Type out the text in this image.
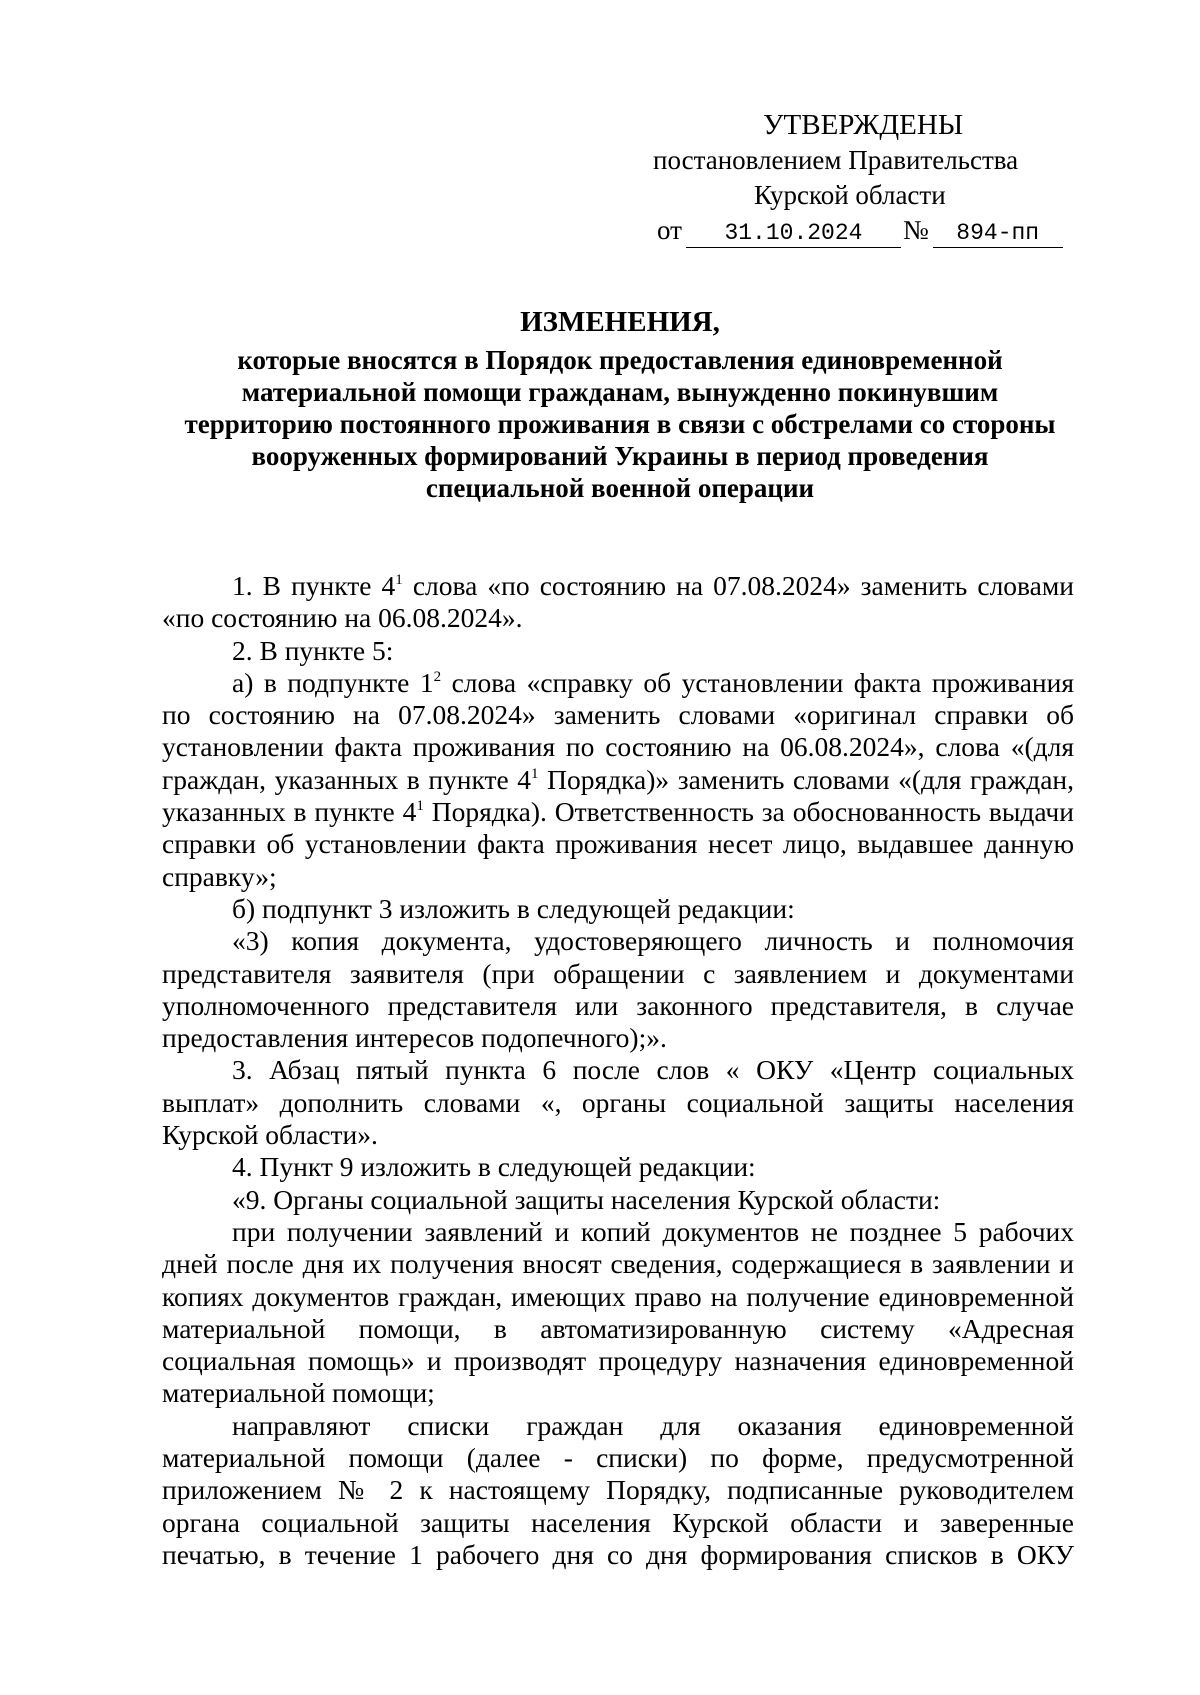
УТВЕРЖДЕНЫ
постановлением Правительства
Курской области
от	31.10.2024	№	894-пп
ИЗМЕНЕНИЯ,
которые вносятся в Порядок предоставления единовременной
материальной помощи гражданам, вынужденно покинувшим
территорию постоянного проживания в связи с обстрелами со стороны
вооруженных формирований Украины в период проведения
специальной военной операции

1. В пункте $4^1$ слова «по состоянию на 07.08.2024» заменить словами «по состоянию на 06.08.2024».

2. В пункте 5:

а) в подпункте $1^2$ слова «справку об установлении факта проживания по состоянию на 07.08.2024» заменить словами «оригинал справки об установлении факта проживания по состоянию на 06.08.2024», слова «(для граждан, указанных в пункте $4^1$ Порядка)» заменить словами «(для граждан, указанных в пункте $4^1$ Порядка). Ответственность за обоснованность выдачи справки об установлении факта проживания несет лицо, выдавшее данную справку»;

б) подпункт 3 изложить в следующей редакции:

«3) копия документа, удостоверяющего личность и полномочия представителя заявителя (при обращении с заявлением и документами уполномоченного представителя или законного представителя, в случае предоставления интересов подопечного);».

3. Абзац пятый пункта 6 после слов « ОКУ «Центр социальных выплат» дополнить словами «, органы социальной защиты населения Курской области».

4. Пункт 9 изложить в следующей редакции:

«9. Органы социальной защиты населения Курской области:

при получении заявлений и копий документов не позднее 5 рабочих дней после дня их получения вносят сведения, содержащиеся в заявлении и копиях документов граждан, имеющих право на получение единовременной материальной помощи, в автоматизированную систему «Адресная социальная помощь» и производят процедуру назначения единовременной материальной помощи;

направляют списки граждан для оказания единовременной материальной помощи (далее - списки) по форме, предусмотренной приложением № 2 к настоящему Порядку, подписанные руководителем органа социальной защиты населения Курской области и заверенные печатью, в течение 1 рабочего дня со дня формирования списков в ОКУ
